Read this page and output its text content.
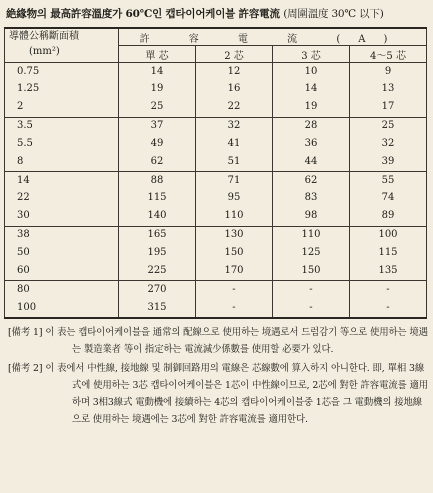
絶緣物의 最高許容溫度가 60℃인 캡타이어케이블 許容電流 (周圍溫度 30℃ 以下)
導體公稱斷面積
(mm²)	許 容 電 流 (A)			
	單 芯	2 芯	3 芯	4～5 芯
0.75	14	12	10	9
1.25	19	16	14	13
2	25	22	19	17
3.5	37	32	28	25
5.5	49	41	36	32
8	62	51	44	39
14	88	71	62	55
22	115	95	83	74
30	140	110	98	89
38	165	130	110	100
50	195	150	125	115
60	225	170	150	135
80	270	-	-	-
100	315	-	-	-

[備考 1] 이 表는 캡타이어케이블을 通常의 配線으로 使用하는 境遇로서 드럼감기 等으로 使用하는 境遇는 製造業者 等이 指定하는 電流減少係數를 使用할 必要가 있다.

[備考 2] 이 表에서 中性線, 接地線 및 制御回路用의 電線은 芯線數에 算入하지 아니한다. 即, 單相 3線式에 使用하는 3芯 캡타이어케이블은 1芯이 中性線이므로, 2芯에 對한 許容電流를 適用하며 3相3線式 電動機에 接續하는 4芯의 캡타이어케이블중 1芯을 그 電動機의 接地線으로 使用하는 境遇에는 3芯에 對한 許容電流를 適用한다.
